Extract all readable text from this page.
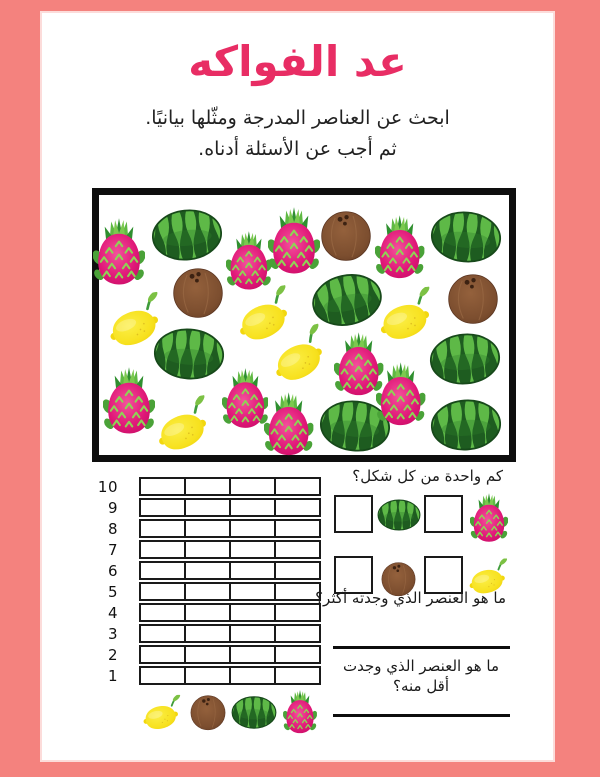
عد الفواكه
ابحث عن العناصر المدرجة ومثّلها بيانيًا.
ثم أجب عن الأسئلة أدناه.
10
9
8
7
6
5
4
3
2
1
كم واحدة من كل شكل؟
ما هو العنصر الذي وجدته أكثر؟
ما هو العنصر الذي وجدت أقل منه؟
